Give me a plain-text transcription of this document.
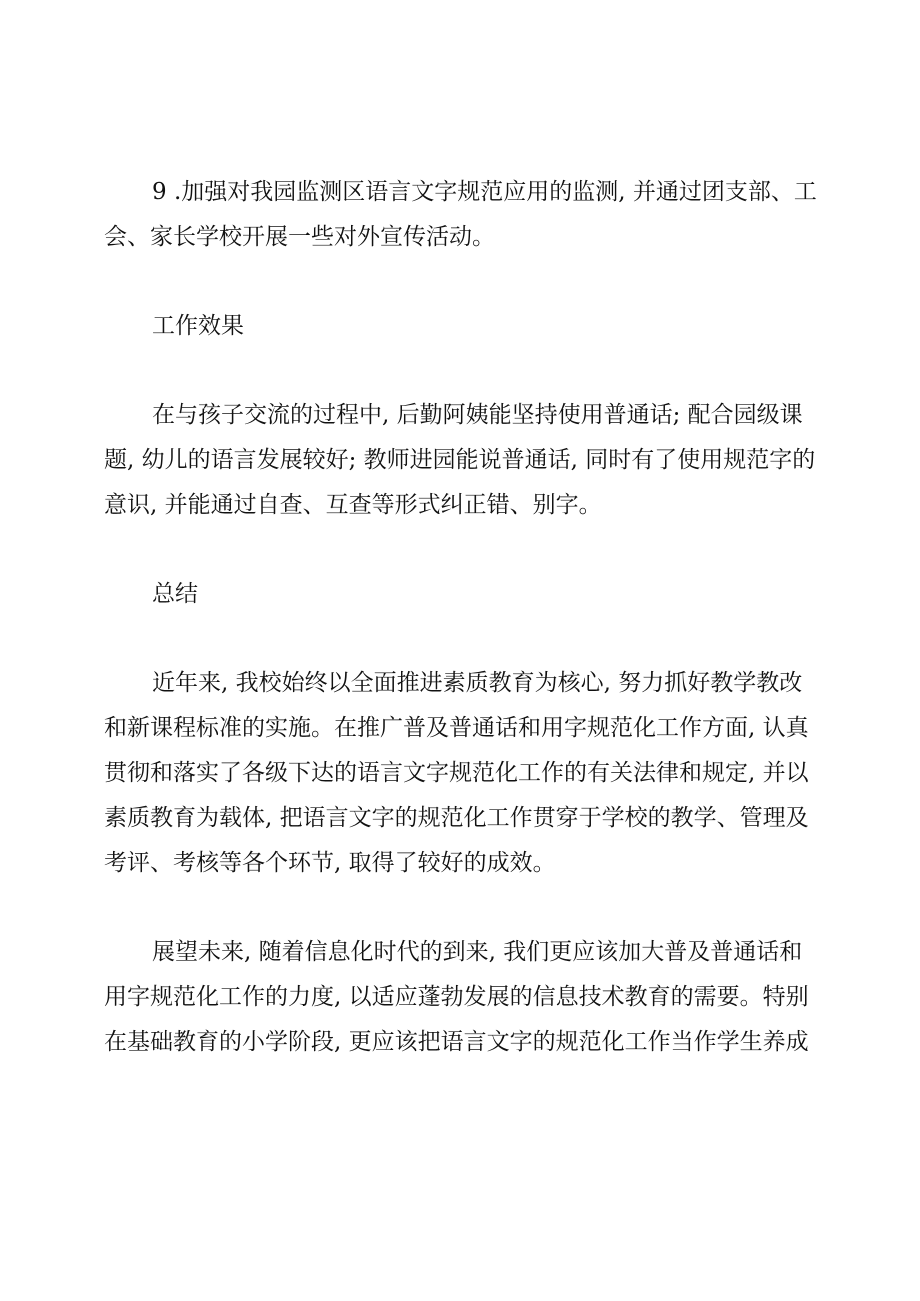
9 .加强对我园监测区语言文字规范应用的监测, 并通过团支部、工
会、家长学校开展一些对外宣传活动。
工作效果
在与孩子交流的过程中, 后勤阿姨能坚持使用普通话; 配合园级课
题, 幼儿的语言发展较好; 教师进园能说普通话, 同时有了使用规范字的
意识, 并能通过自查、互查等形式纠正错、别字。
总结
近年来, 我校始终以全面推进素质教育为核心, 努力抓好教学教改
和新课程标准的实施。在推广普及普通话和用字规范化工作方面, 认真
贯彻和落实了各级下达的语言文字规范化工作的有关法律和规定, 并以
素质教育为载体, 把语言文字的规范化工作贯穿于学校的教学、管理及
考评、考核等各个环节, 取得了较好的成效。
展望未来, 随着信息化时代的到来, 我们更应该加大普及普通话和
用字规范化工作的力度, 以适应蓬勃发展的信息技术教育的需要。特别
在基础教育的小学阶段, 更应该把语言文字的规范化工作当作学生养成
